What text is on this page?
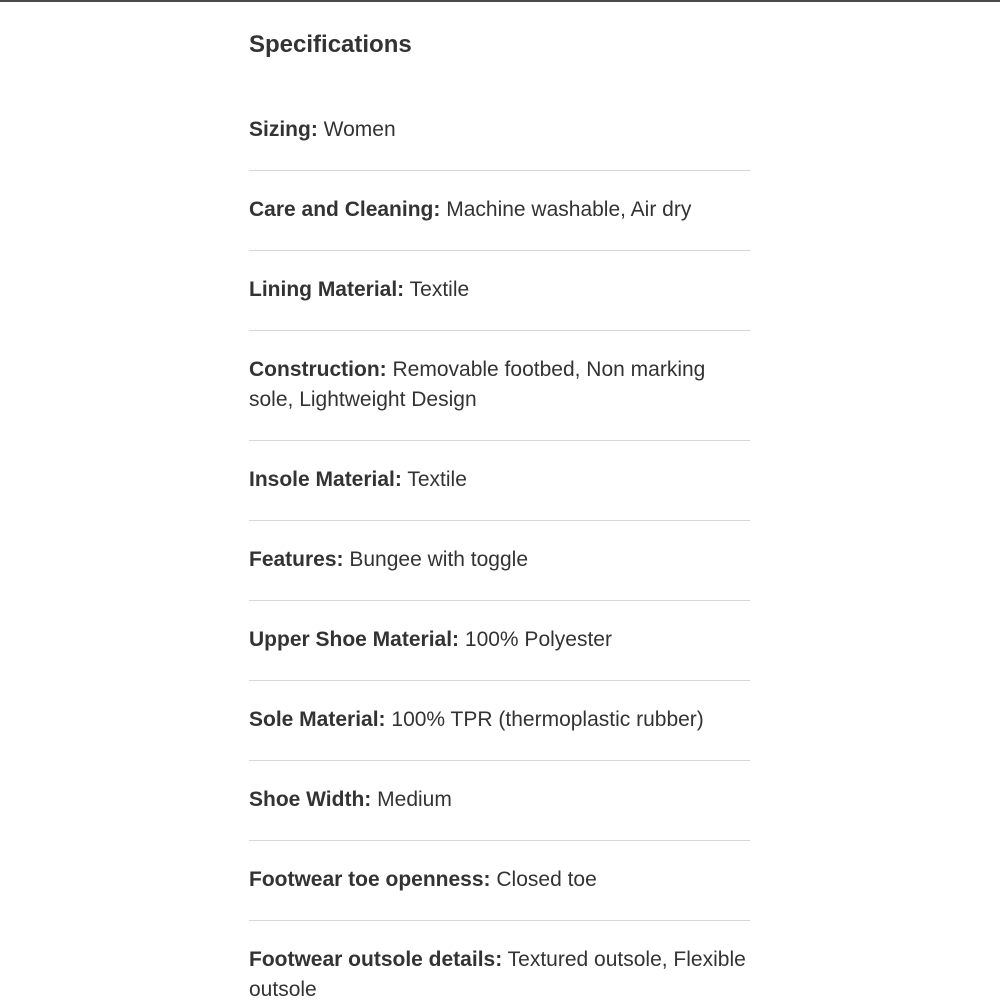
Specifications
Sizing: Women
Care and Cleaning: Machine washable, Air dry
Lining Material: Textile
Construction: Removable footbed, Non marking sole, Lightweight Design
Insole Material: Textile
Features: Bungee with toggle
Upper Shoe Material: 100% Polyester
Sole Material: 100% TPR (thermoplastic rubber)
Shoe Width: Medium
Footwear toe openness: Closed toe
Footwear outsole details: Textured outsole, Flexible outsole
